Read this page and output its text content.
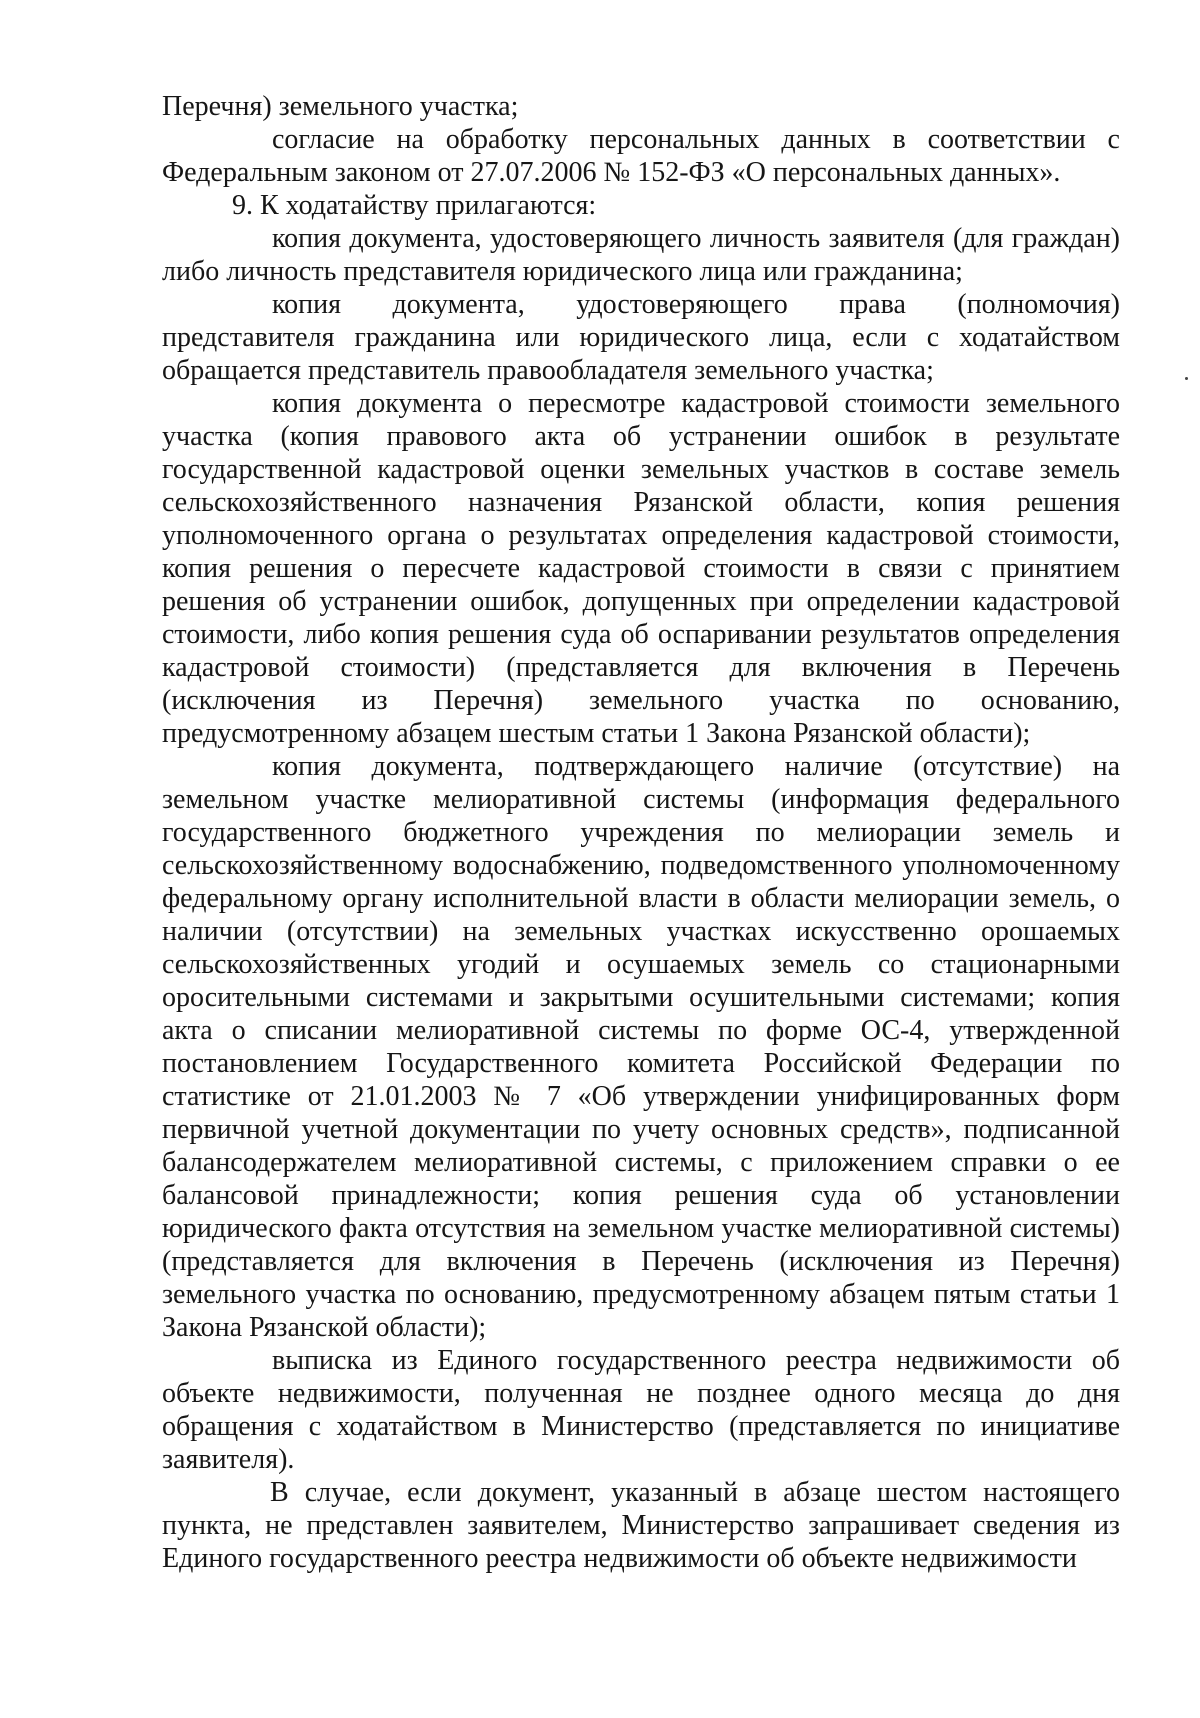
Перечня) земельного участка;

согласие на обработку персональных данных в соответствии с Федеральным законом от 27.07.2006 № 152-ФЗ «О персональных данных».

9. К ходатайству прилагаются:

копия документа, удостоверяющего личность заявителя (для граждан) либо личность представителя юридического лица или гражданина;

копия документа, удостоверяющего права (полномочия) представителя гражданина или юридического лица, если с ходатайством обращается представитель правообладателя земельного участка;

копия документа о пересмотре кадастровой стоимости земельного участка (копия правового акта об устранении ошибок в результате государственной кадастровой оценки земельных участков в составе земель сельскохозяйственного назначения Рязанской области, копия решения уполномоченного органа о результатах определения кадастровой стоимости, копия решения о пересчете кадастровой стоимости в связи с принятием решения об устранении ошибок, допущенных при определении кадастровой стоимости, либо копия решения суда об оспаривании результатов определения кадастровой стоимости) (представляется для включения в Перечень (исключения из Перечня) земельного участка по основанию, предусмотренному абзацем шестым статьи 1 Закона Рязанской области);

копия документа, подтверждающего наличие (отсутствие) на земельном участке мелиоративной системы (информация федерального государственного бюджетного учреждения по мелиорации земель и сельскохозяйственному водоснабжению, подведомственного уполномоченному федеральному органу исполнительной власти в области мелиорации земель, о наличии (отсутствии) на земельных участках искусственно орошаемых сельскохозяйственных угодий и осушаемых земель со стационарными оросительными системами и закрытыми осушительными системами; копия акта о списании мелиоративной системы по форме ОС-4, утвержденной постановлением Государственного комитета Российской Федерации по статистике от 21.01.2003 № 7 «Об утверждении унифицированных форм первичной учетной документации по учету основных средств», подписанной балансодержателем мелиоративной системы, с приложением справки о ее балансовой принадлежности; копия решения суда об установлении юридического факта отсутствия на земельном участке мелиоративной системы) (представляется для включения в Перечень (исключения из Перечня) земельного участка по основанию, предусмотренному абзацем пятым статьи 1 Закона Рязанской области);

выписка из Единого государственного реестра недвижимости об объекте недвижимости, полученная не позднее одного месяца до дня обращения с ходатайством в Министерство (представляется по инициативе заявителя).

В случае, если документ, указанный в абзаце шестом настоящего пункта, не представлен заявителем, Министерство запрашивает сведения из Единого государственного реестра недвижимости об объекте недвижимости
